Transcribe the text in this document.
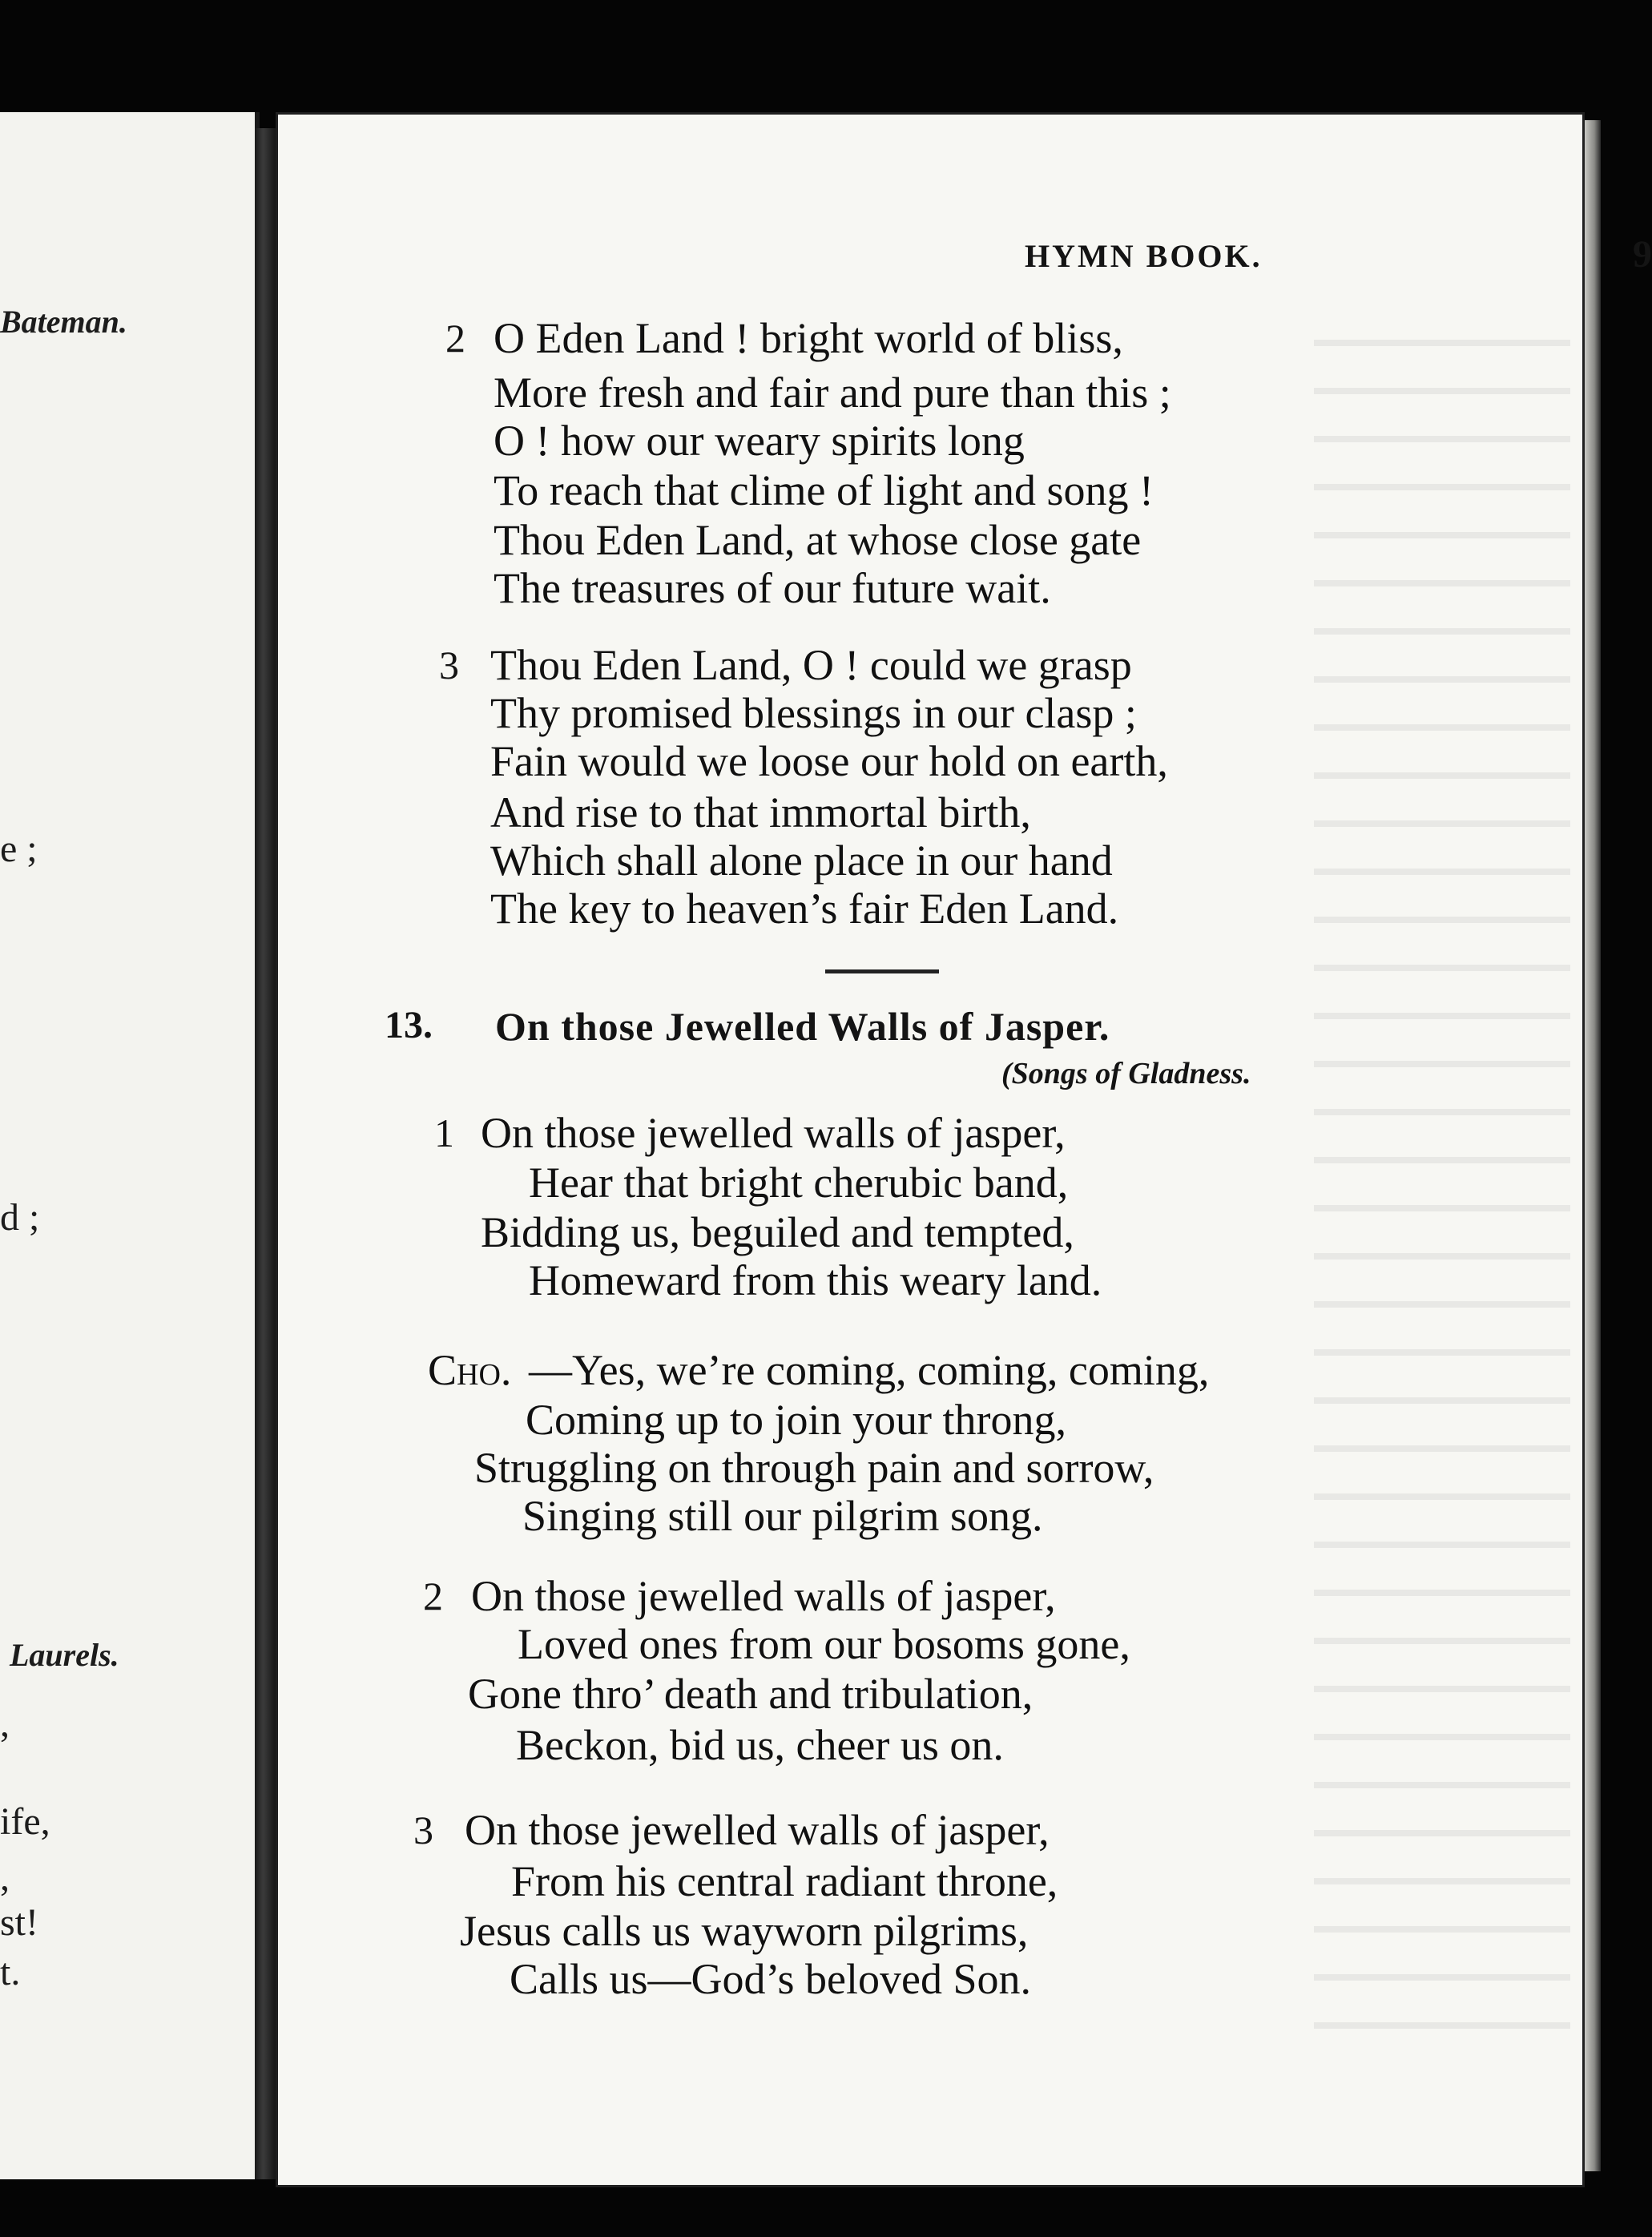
Bateman.
e ;
d ;
Laurels.
,
ife,
,
st!
t.
HYMN BOOK.	9
2 O Eden Land ! bright world of bliss,
More fresh and fair and pure than this ;
O ! how our weary spirits long
To reach that clime of light and song !
Thou Eden Land, at whose close gate
The treasures of our future wait.
3 Thou Eden Land, O ! could we grasp
Thy promised blessings in our clasp ;
Fain would we loose our hold on earth,
And rise to that immortal birth,
Which shall alone place in our hand
The key to heaven’s fair Eden Land.
13. On those Jewelled Walls of Jasper.
(Songs of Gladness.
1 On those jewelled walls of jasper,
Hear that bright cherubic band,
Bidding us, beguiled and tempted,
Homeward from this weary land.
Cho. —Yes, we’re coming, coming, coming,
Coming up to join your throng,
Struggling on through pain and sorrow,
Singing still our pilgrim song.
2 On those jewelled walls of jasper,
Loved ones from our bosoms gone,
Gone thro’ death and tribulation,
Beckon, bid us, cheer us on.
3 On those jewelled walls of jasper,
From his central radiant throne,
Jesus calls us wayworn pilgrims,
Calls us—God’s beloved Son.
